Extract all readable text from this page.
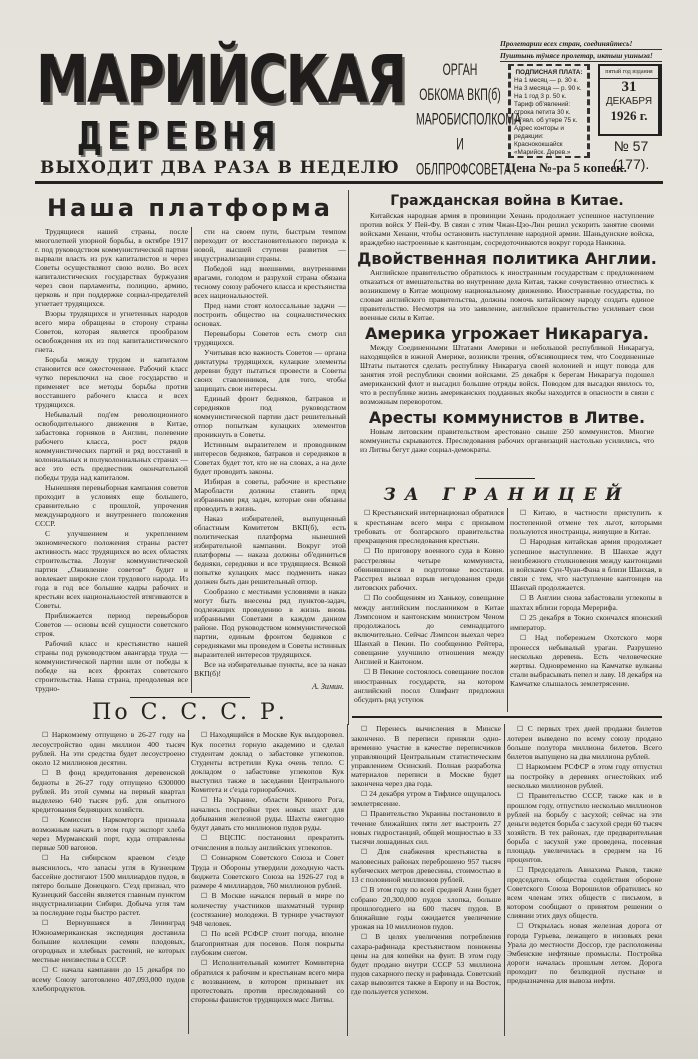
Пролетарии всех стран, соединяйтесь!
Пуштынь тӱнясе пролетар, иктыш ушныза!
МАРИЙСКАЯ
ДЕРЕВНЯ
ВЫХОДИТ ДВА РАЗА В НЕДЕЛЮ
ОРГАН
ОБКОМА ВКП(б)
МАРОБИСПОЛКОМА
И ОБЛПРОФСОВЕТА
ПОДПИСНАЯ ПЛАТА:
На 1 месяц — р. 30 к.
На 3 месяца — р. 90 к.
На 1 год 3 р. 50 к.
Тариф об'явлений: строка петита 30 к.
об'явл. об утере 75 к.
Адрес конторы и редакции: Краснококшайск «Марийск. Дерев.»
пятый год издания
31
ДЕКАБРЯ
1926 г.
№ 57 (177).
Цена №-ра 5 копеек.
Наша платформа

Трудящиеся нашей страны, после многолетней упорной борьбы, в октябре 1917 г. под руководством коммунистической партии вырвали власть из рук капиталистов и через Советы осуществляют свою волю. Во всех капиталистических государствах буржуазия через свои парламенты, полицию, армию, церковь и при поддержке социал-предателей угнетает трудящихся.

Взоры трудящихся и угнетенных народов всего мира обращены в сторону страны Советов, которая является прообразом освобождения их из под капиталистического гнета.

Борьба между трудом и капиталом становится все ожесточеннее. Рабочий класс чутко переключил на свое государство и применяет все методы борьбы против восставшего рабочего класса и всех трудящихся.

Небывалый под'ем революционного освободительного движения в Китае, забастовка горняков в Англии, полевение рабочего класса, рост рядов коммунистических партий и ряд восстаний в колониальных и полуколониальных странах — все это есть предвестник окончательной победы труда над капиталом.

Нынешняя перевыборная кампания советов проходит в условиях еще большего, сравнительно с прошлой, упрочения международного и внутреннего положения СССР.

С улучшением и укреплением экономического положения страны растет активность масс трудящихся во всех областях строительства. Лозунг коммунистической партии „Оживление советов“ будит и вовлекает широкие слои трудового народа. Из года в год все большие кадры рабочих и крестьян всех национальностей втягиваются в Советы.

Приближается период перевыборов Советов — основы всей сущности советского строя.

Рабочий класс и крестьянство нашей страны под руководством авангарда труда — коммунистической партии шли от победы к победе на всех фронтах советского строительства. Наша страна, преодолевая все трудно-

сти на своем пути, быстрым темпом переходит от восстановительного периода к новой, высшей ступени развития — индустриализации страны.

Победой над внешними, внутренними врагами, голодом и разрухой страна обязана тесному союзу рабочего класса и крестьянства всех национальностей.

Пред нами стоят колоссальные задачи — построить общество на социалистических основах.

Перевыборы Советов есть смотр сил трудящихся.

Учитывая всю важность Советов — органа диктатуры трудящихся, кулацкие элементы деревни будут пытаться провести в Советы своих ставленников, для того, чтобы защищать свои интересы.

Единый фронт бедняков, батраков и середняков под руководством коммунистической партии даст решительный отпор попыткам кулацких элементов проникнуть в Советы.

Истинным выразителем и проводником интересов бедняков, батраков и середняков в Советах будет тот, кто не на словах, а на деле будет проводить законы.

Избирая в советы, рабочие и крестьяне Маробласти должны ставить пред избранными ряд задач, которые они обязаны проводить в жизнь.

Наказ избирателей, выпущенный областным Комитетом ВКП(б), есть политическая платформа нынешней избирательной кампании. Вокруг этой платформы — наказа должны об'единиться бедняки, середняки и все трудящиеся. Всякой попытке кулацких масс подменить наказ должен быть дан решительный отпор.

Сообразно с местными условиями в наказ могут быть внесены ряд пунктов-задач, подлежащих проведению в жизнь вновь избранными Советами в каждом данном районе. Под руководством коммунистической партии, единым фронтом бедняков с середняками мы проведем в Советы истинных выразителей интересов трудящихся.

Все на избирательные пункты, все за наказ ВКП(б)!

А. Зимин.
Гражданская война в Китае.

Китайская народная армия в провинции Хенань продолжает успешное наступление против войск У Пей-Фу. В связи с этим Чжан-Цзо-Лин решил ускорить занятие своими войсками Хенани, чтобы остановить наступление народной армии. Шаньдунские войска, враждебно настроенные к кантонцам, сосредоточиваются вокруг города Нанкина.

Двойственная политика Англии.

Английское правительство обратилось к иностранным государствам с предложением отказаться от вмешательства во внутренние дела Китая, также сочувственно отнестись к возникшему в Китае мощному национальному движению. Иностранные государства, по словам английского правительства, должны помочь китайскому народу создать единое правительство. Несмотря на это заявление, английское правительство усиливает свои военные силы в Китае.

Америка угрожает Никарагуа.

Между Соединенными Штатами Америки и небольшой республикой Никарагуа, находящейся в южной Америке, возникли трения, об'ясняющиеся тем, что Соединенные Штаты пытаются сделать республику Никарагуа своей колонией и ищут повода для занятия этой республики своими войсками. 25 декабря к берегам Никарагуа подошел американский флот и высадил большие отряды войск. Поводом для высадки явилось то, что в республике жизнь американских подданных якобы находится в опасности в связи с возможным переворотом.

Аресты коммунистов в Литве.

Новым литовским правительством арестовано свыше 250 коммунистов. Многие коммунисты скрываются. Преследования рабочих организаций настолько усилились, что из Литвы бегут даже социал-демократы.

ЗА ГРАНИЦЕЙ

☐ Крестьянский интернационал обратился к крестьянам всего мира с призывом требовать от болгарского правительства прекращения преследования крестьян.

☐ По приговору военного суда в Ковно расстреляны четыре коммуниста, обвинявшиеся в подготовке восстания. Расстрел вызвал взрыв негодования среди литовских рабочих.

☐ По сообщениям из Ханькоу, совещание между английским посланником в Китае Лэмпсоном и кантонским министром Ченом продолжалось до семнадцатого включительно. Сейчас Лэмпсон выехал через Шанхай в Пекин. По сообщению Рейтера, совещание улучшило отношения между Англией и Кантоном.

☐ В Пекине состоялось совещание послов иностранных государств, на котором английский посол Олифант предложил обсудить ряд уступок

☐ Китаю, в частности приступить к постепенной отмене тех льгот, которыми пользуются иностранцы, живущие в Китае.

☐ Народная китайская армия продолжает успешное выступление. В Шанхае ждут неизбежного столкновения между кантонцами и войсками Сун-Чуан-Фана в близи Шанхая, в связи с тем, что наступление кантонцев на Шанхай продолжается.

☐ В Англии снова забастовали углекопы в шахтах вблизи города Мерерифа.

☐ 25 декабря в Токио скончался японский император.

☐ Над побережьем Охотского моря пронесся небывалый ураган. Разрушено несколько деревень. Есть человеческие жертвы. Одновременно на Камчатке вулканы стали выбрасывать пепел и лаву. 18 декабря на Камчатке слышалось землетрясение.

По С. С. С. Р.

☐ Наркомзему отпущено в 26-27 году на лесоустройство один миллион 400 тысяч рублей. На эти средства будет лесоустроено около 12 миллионов десятин.

☐ В фонд кредитования деревенской бедноты в 26-27 году отпущено 6300000 рублей. Из этой суммы на первый квартал выделено 640 тысяч руб. для опытного кредитования бедняцких хозяйств.

☐ Комиссия Наркомторга признала возможным начать в этом году экспорт хлеба через Мурманский порт, куда отправлены первые 500 вагонов.

☐ На сибирском краевом с'езде выяснилось, что запасы угля в Кузнецком бассейне достигают 1500 миллиардов пудов, в пятеро больше Донецкого. С'езд признал, что Кузнецкий бассейн является главным пунктом индустриализации Сибири. Добыча угля там за последние годы быстро растет.

☐ Вернувшаяся в Ленинград Южноамериканская экспедиция доставила большие коллекции семян плодовых, огородных и хлебных растений, не которых местные неизвестны в СССР.

☐ С начала кампании до 15 декабря по всему Союзу заготовлено 407,093,000 пудов хлебопродуктов.

☐ Находящийся в Москве Кук выздоровел. Кук посетил горную академию и сделал студентам доклад о забастовке углекопов. Студенты встретили Кука очень тепло. С докладом о забастовке углекопов Кук выступил также в заседании Центрального Комитета и с'езда горнорабочих.

☐ На Украине, области Кривого Рога, начались постройки трех новых шахт для добывания железной руды. Шахты ежегодно будут давать сто миллионов пудов руды.

☐ ВЦСПС постановил прекратить отчисления в пользу английских углекопов.

☐ Совнарком Советского Союза и Совет Труда и Обороны утвердили доходную часть бюджета Советского Союза на 1926-27 год в размере 4 миллиардов, 760 миллионов рублей.

☐ В Москве начался первый в мире по количеству участников шахматный турнир (состязание) молодежи. В турнире участвуют 948 человек.

☐ По всей РСФСР стоит погода, вполне благоприятная для посевов. Поля покрыты глубоким снегом.

☐ Исполнительный комитет Коминтерна обратился к рабочим и крестьянам всего мира с воззванием, в котором призывает их протестовать против преследований со стороны фашистов трудящихся масс Литвы.

☐ Перенесь вычисления в Минске закончено. В переписи приняли одно-временно участие в качестве переписчиков управляющий Центральным статистическим управлением Осинский. Полная разработка материалов переписи в Москве будет закончена через два года.

☐ 24 декабря утром в Тифлисе ощущалось землетрясение.

☐ Правительство Украины постановило в течение ближайших пяти лет выстроить 27 новых гидростанций, общей мощностью в 33 тысячи лошадиных сил.

☐ Для снабжения крестьянства в маловесных районах переброшено 957 тысяч кубических метров древесины, стоимостью в 13 с половиной миллионов рублей.

☐ В этом году по всей средней Азии будет собрано 20,300,000 пудов хлопка, больше прошлогоднего на 600 тысяч пудов. В ближайшие годы ожидается увеличение урожая на 10 миллионов пудов.

☐ В целях увеличения потребления сахара-рафинада крестьянством понижены цены на для копейки на фунт. В этом году будет продано внутри СССР 53 миллиона пудов сахарного песку и рафинада. Советский сахар вывозится также в Европу и на Восток, где пользуется успехом.

☐ С первых трех дней продажи билетов лотереи выведено по всему союзу продано больше полутора миллиона билетов. Всего билетов выпущено на два миллиона рублей.

☐ Наркомзем РСФСР в этом году отпустил на постройку в деревнях огнестойких изб несколько миллионов рублей.

☐ Правительство СССР, также как и в прошлом году, отпустило несколько миллионов рублей на борьбу с засухой; сейчас на эти деньги ведется борьба с засухой среди 60 тысяч хозяйств. В тех районах, где предварительная борьба с засухой уже проведена, посевная площадь увеличилась в среднем на 16 процентов.

☐ Председатель Авиахима Рыков, также председатель общества содействия обороне Советского Союза Ворошилов обратились ко всем членам этих обществ с письмом, в котором сообщают о принятом решении о слиянии этих двух обществ.

☐ Открылась новая железная дорога от города Гурьева, лежащего в низовьях реки Урала до местности Доссор, где расположены Эмбенские нефтяные промыслы. Постройка дороги началась прошлым летом. Дорога проходит по безлюдной пустыне и предназначена для вывоза нефти.
